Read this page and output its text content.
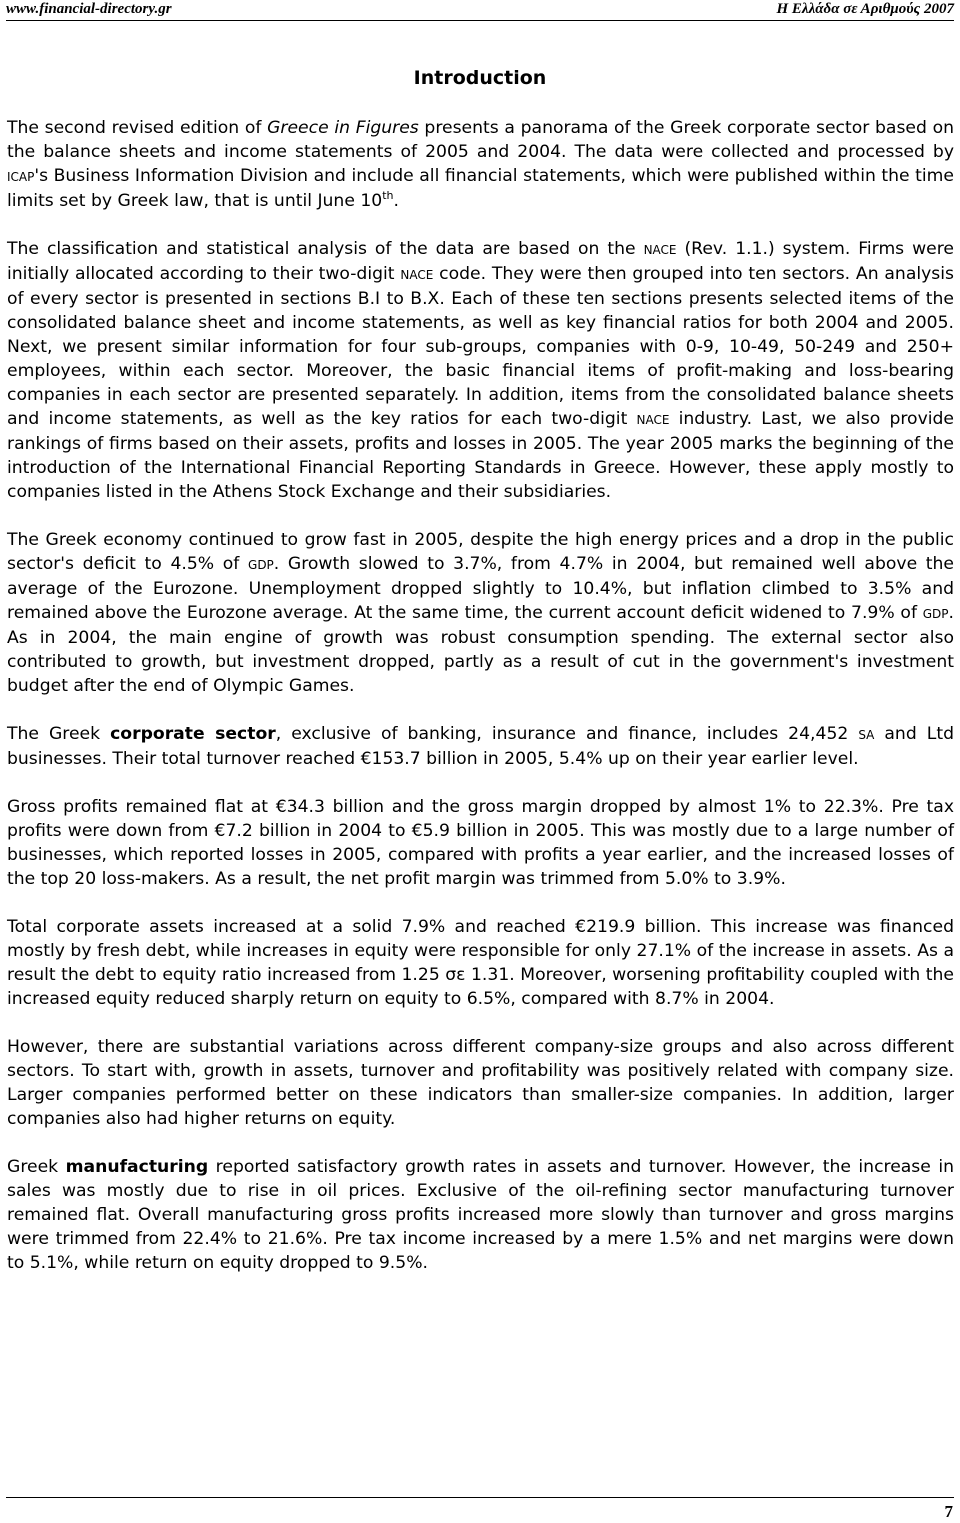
www.financial-directory.gr	Η Ελλάδα σε Αριθμούς 2007
Introduction

The second revised edition of Greece in Figures presents a panorama of the Greek corporate sector based on the balance sheets and income statements of 2005 and 2004. The data were collected and processed by ICAP's Business Information Division and include all financial statements, which were published within the time limits set by Greek law, that is until June 10th.

The classification and statistical analysis of the data are based on the NACE (Rev. 1.1.) system. Firms were initially allocated according to their two-digit NACE code. They were then grouped into ten sectors. An analysis of every sector is presented in sections B.I to B.X. Each of these ten sections presents selected items of the consolidated balance sheet and income statements, as well as key financial ratios for both 2004 and 2005. Next, we present similar information for four sub-groups, companies with 0-9, 10-49, 50-249 and 250+ employees, within each sector. Moreover, the basic financial items of profit-making and loss-bearing companies in each sector are presented separately. In addition, items from the consolidated balance sheets and income statements, as well as the key ratios for each two-digit NACE industry. Last, we also provide rankings of firms based on their assets, profits and losses in 2005. The year 2005 marks the beginning of the introduction of the International Financial Reporting Standards in Greece. However, these apply mostly to companies listed in the Athens Stock Exchange and their subsidiaries.

The Greek economy continued to grow fast in 2005, despite the high energy prices and a drop in the public sector's deficit to 4.5% of GDP. Growth slowed to 3.7%, from 4.7% in 2004, but remained well above the average of the Eurozone. Unemployment dropped slightly to 10.4%, but inflation climbed to 3.5% and remained above the Eurozone average. At the same time, the current account deficit widened to 7.9% of GDP. As in 2004, the main engine of growth was robust consumption spending. The external sector also contributed to growth, but investment dropped, partly as a result of cut in the government's investment budget after the end of Olympic Games.

The Greek corporate sector, exclusive of banking, insurance and finance, includes 24,452 SA and Ltd businesses. Their total turnover reached €153.7 billion in 2005, 5.4% up on their year earlier level.

Gross profits remained flat at €34.3 billion and the gross margin dropped by almost 1% to 22.3%. Pre tax profits were down from €7.2 billion in 2004 to €5.9 billion in 2005. This was mostly due to a large number of businesses, which reported losses in 2005, compared with profits a year earlier, and the increased losses of the top 20 loss-makers. As a result, the net profit margin was trimmed from 5.0% to 3.9%.

Total corporate assets increased at a solid 7.9% and reached €219.9 billion. This increase was financed mostly by fresh debt, while increases in equity were responsible for only 27.1% of the increase in assets. As a result the debt to equity ratio increased from 1.25 σε 1.31. Moreover, worsening profitability coupled with the increased equity reduced sharply return on equity to 6.5%, compared with 8.7% in 2004.

However, there are substantial variations across different company-size groups and also across different sectors. To start with, growth in assets, turnover and profitability was positively related with company size. Larger companies performed better on these indicators than smaller-size companies. In addition, larger companies also had higher returns on equity.

Greek manufacturing reported satisfactory growth rates in assets and turnover. However, the increase in sales was mostly due to rise in oil prices. Exclusive of the oil-refining sector manufacturing turnover remained flat. Overall manufacturing gross profits increased more slowly than turnover and gross margins were trimmed from 22.4% to 21.6%. Pre tax income increased by a mere 1.5% and net margins were down to 5.1%, while return on equity dropped to 9.5%.

7
